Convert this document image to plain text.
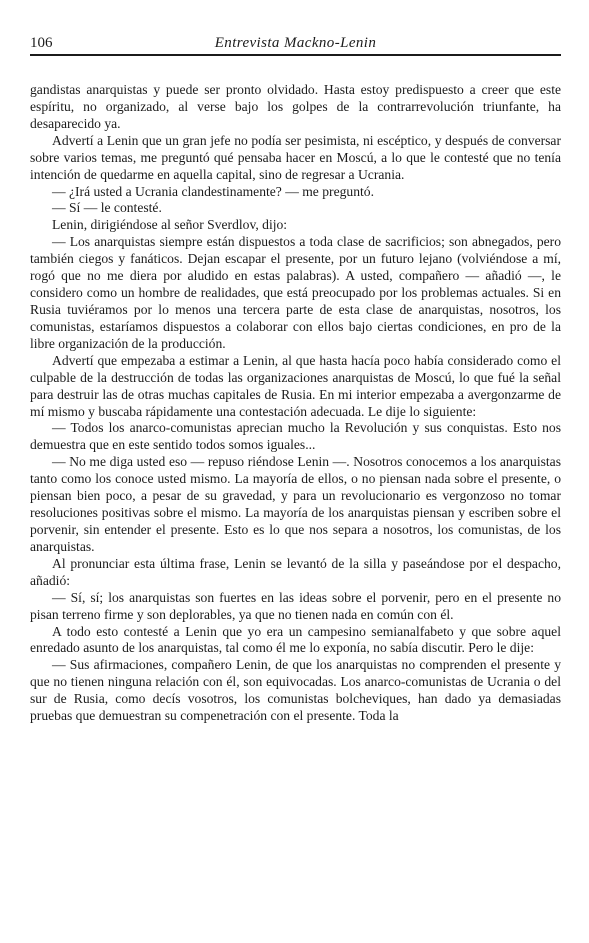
106	Entrevista Mackno-Lenin

gandistas anarquistas y puede ser pronto olvidado. Hasta estoy predispuesto a creer que este espíritu, no organizado, al verse bajo los golpes de la contrarrevolución triunfante, ha desaparecido ya.

Advertí a Lenin que un gran jefe no podía ser pesimista, ni escéptico, y después de conversar sobre varios temas, me preguntó qué pensaba hacer en Moscú, a lo que le contesté que no tenía intención de quedarme en aquella capital, sino de regresar a Ucrania.

— ¿Irá usted a Ucrania clandestinamente? — me preguntó.

— Sí — le contesté.

Lenin, dirigiéndose al señor Sverdlov, dijo:

— Los anarquistas siempre están dispuestos a toda clase de sacrificios; son abnegados, pero también ciegos y fanáticos. Dejan escapar el presente, por un futuro lejano (volviéndose a mí, rogó que no me diera por aludido en estas palabras). A usted, compañero — añadió —, le considero como un hombre de realidades, que está preocupado por los problemas actuales. Si en Rusia tuviéramos por lo menos una tercera parte de esta clase de anarquistas, nosotros, los comunistas, estaríamos dispuestos a colaborar con ellos bajo ciertas condiciones, en pro de la libre organización de la producción.

Advertí que empezaba a estimar a Lenin, al que hasta hacía poco había considerado como el culpable de la destrucción de todas las organizaciones anarquistas de Moscú, lo que fué la señal para destruir las de otras muchas capitales de Rusia. En mi interior empezaba a avergonzarme de mí mismo y buscaba rápidamente una contestación adecuada. Le dije lo siguiente:

— Todos los anarco-comunistas aprecian mucho la Revolución y sus conquistas. Esto nos demuestra que en este sentido todos somos iguales...

— No me diga usted eso — repuso riéndose Lenin —. Nosotros conocemos a los anarquistas tanto como los conoce usted mismo. La mayoría de ellos, o no piensan nada sobre el presente, o piensan bien poco, a pesar de su gravedad, y para un revolucionario es vergonzoso no tomar resoluciones positivas sobre el mismo. La mayoría de los anarquistas piensan y escriben sobre el porvenir, sin entender el presente. Esto es lo que nos separa a nosotros, los comunistas, de los anarquistas.

Al pronunciar esta última frase, Lenin se levantó de la silla y paseándose por el despacho, añadió:

— Sí, sí; los anarquistas son fuertes en las ideas sobre el porvenir, pero en el presente no pisan terreno firme y son deplorables, ya que no tienen nada en común con él.

A todo esto contesté a Lenin que yo era un campesino semianalfabeto y que sobre aquel enredado asunto de los anarquistas, tal como él me lo exponía, no sabía discutir. Pero le dije:

— Sus afirmaciones, compañero Lenin, de que los anarquistas no comprenden el presente y que no tienen ninguna relación con él, son equivocadas. Los anarco-comunistas de Ucrania o del sur de Rusia, como decís vosotros, los comunistas bolcheviques, han dado ya demasiadas pruebas que demuestran su compenetración con el presente. Toda la
